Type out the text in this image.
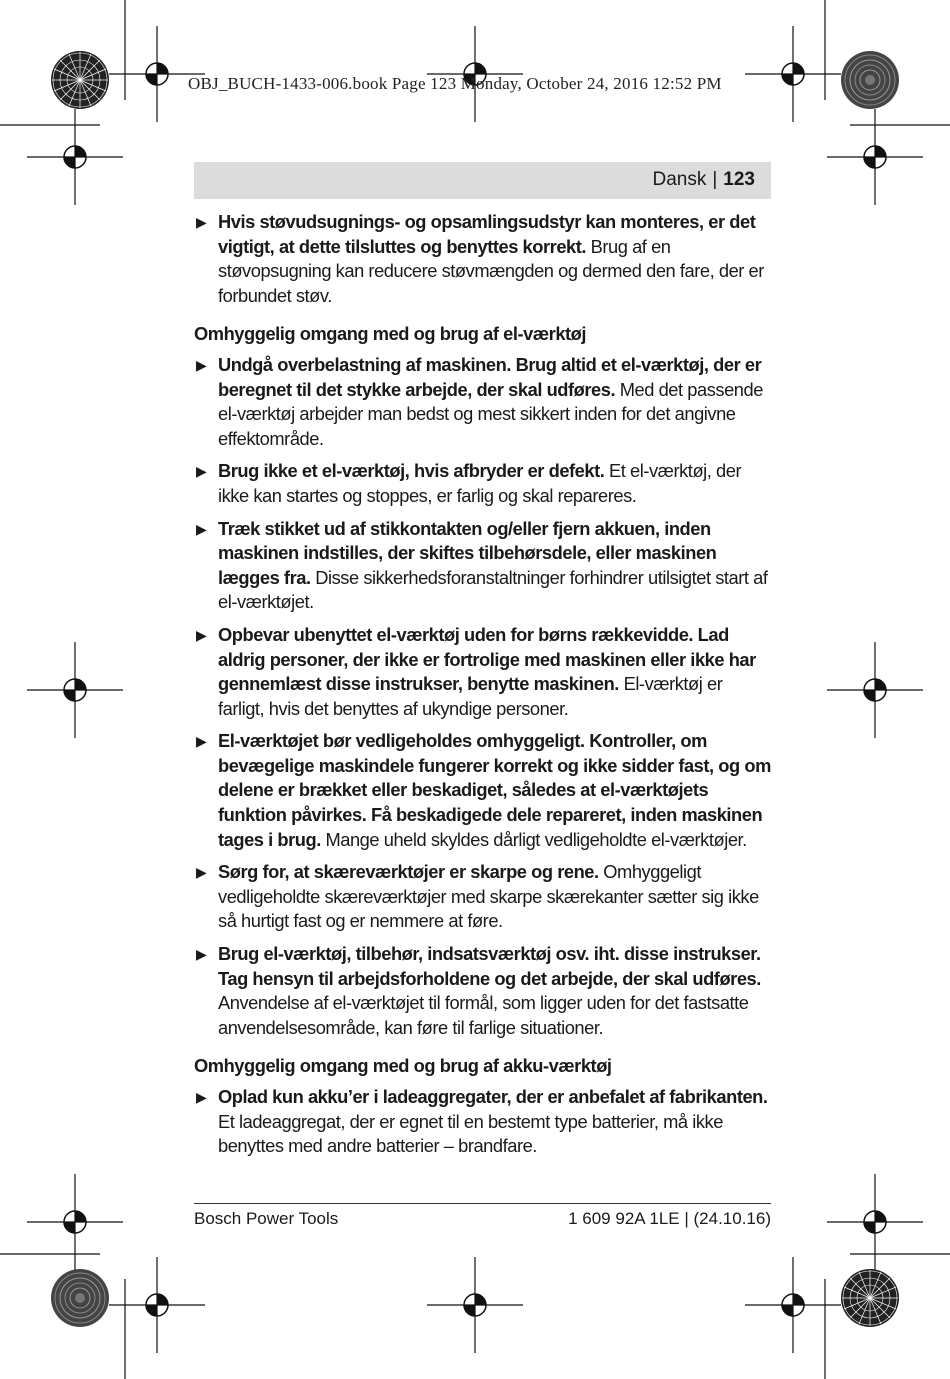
OBJ_BUCH-1433-006.book Page 123 Monday, October 24, 2016 12:52 PM
Dansk | 123
▶ Hvis støvudsugnings- og opsamlingsudstyr kan monteres, er det vigtigt, at dette tilsluttes og benyttes korrekt. Brug af en støvopsugning kan reducere støvmængden og dermed den fare, der er forbundet støv.
Omhyggelig omgang med og brug af el-værktøj
▶ Undgå overbelastning af maskinen. Brug altid et el-værktøj, der er beregnet til det stykke arbejde, der skal udføres. Med det passende el-værktøj arbejder man bedst og mest sikkert inden for det angivne effektområde.
▶ Brug ikke et el-værktøj, hvis afbryder er defekt. Et el-værktøj, der ikke kan startes og stoppes, er farlig og skal repareres.
▶ Træk stikket ud af stikkontakten og/eller fjern akkuen, inden maskinen indstilles, der skiftes tilbehørsdele, eller maskinen lægges fra. Disse sikkerhedsforanstaltninger forhindrer utilsigtet start af el-værktøjet.
▶ Opbevar ubenyttet el-værktøj uden for børns rækkevidde. Lad aldrig personer, der ikke er fortrolige med maskinen eller ikke har gennemlæst disse instrukser, benytte maskinen. El-værktøj er farligt, hvis det benyttes af ukyndige personer.
▶ El-værktøjet bør vedligeholdes omhyggeligt. Kontroller, om bevægelige maskindele fungerer korrekt og ikke sidder fast, og om delene er brækket eller beskadiget, således at el-værktøjets funktion påvirkes. Få beskadigede dele repareret, inden maskinen tages i brug. Mange uheld skyldes dårligt vedligeholdte el-værktøjer.
▶ Sørg for, at skæreværktøjer er skarpe og rene. Omhyggeligt vedligeholdte skæreværktøjer med skarpe skærekanter sætter sig ikke så hurtigt fast og er nemmere at føre.
▶ Brug el-værktøj, tilbehør, indsatsværktøj osv. iht. disse instrukser. Tag hensyn til arbejdsforholdene og det arbejde, der skal udføres. Anvendelse af el-værktøjet til formål, som ligger uden for det fastsatte anvendelsesområde, kan føre til farlige situationer.
Omhyggelig omgang med og brug af akku-værktøj
▶ Oplad kun akku’er i ladeaggregater, der er anbefalet af fabrikanten. Et ladeaggregat, der er egnet til en bestemt type batterier, må ikke benyttes med andre batterier – brandfare.
Bosch Power Tools	1 609 92A 1LE | (24.10.16)
